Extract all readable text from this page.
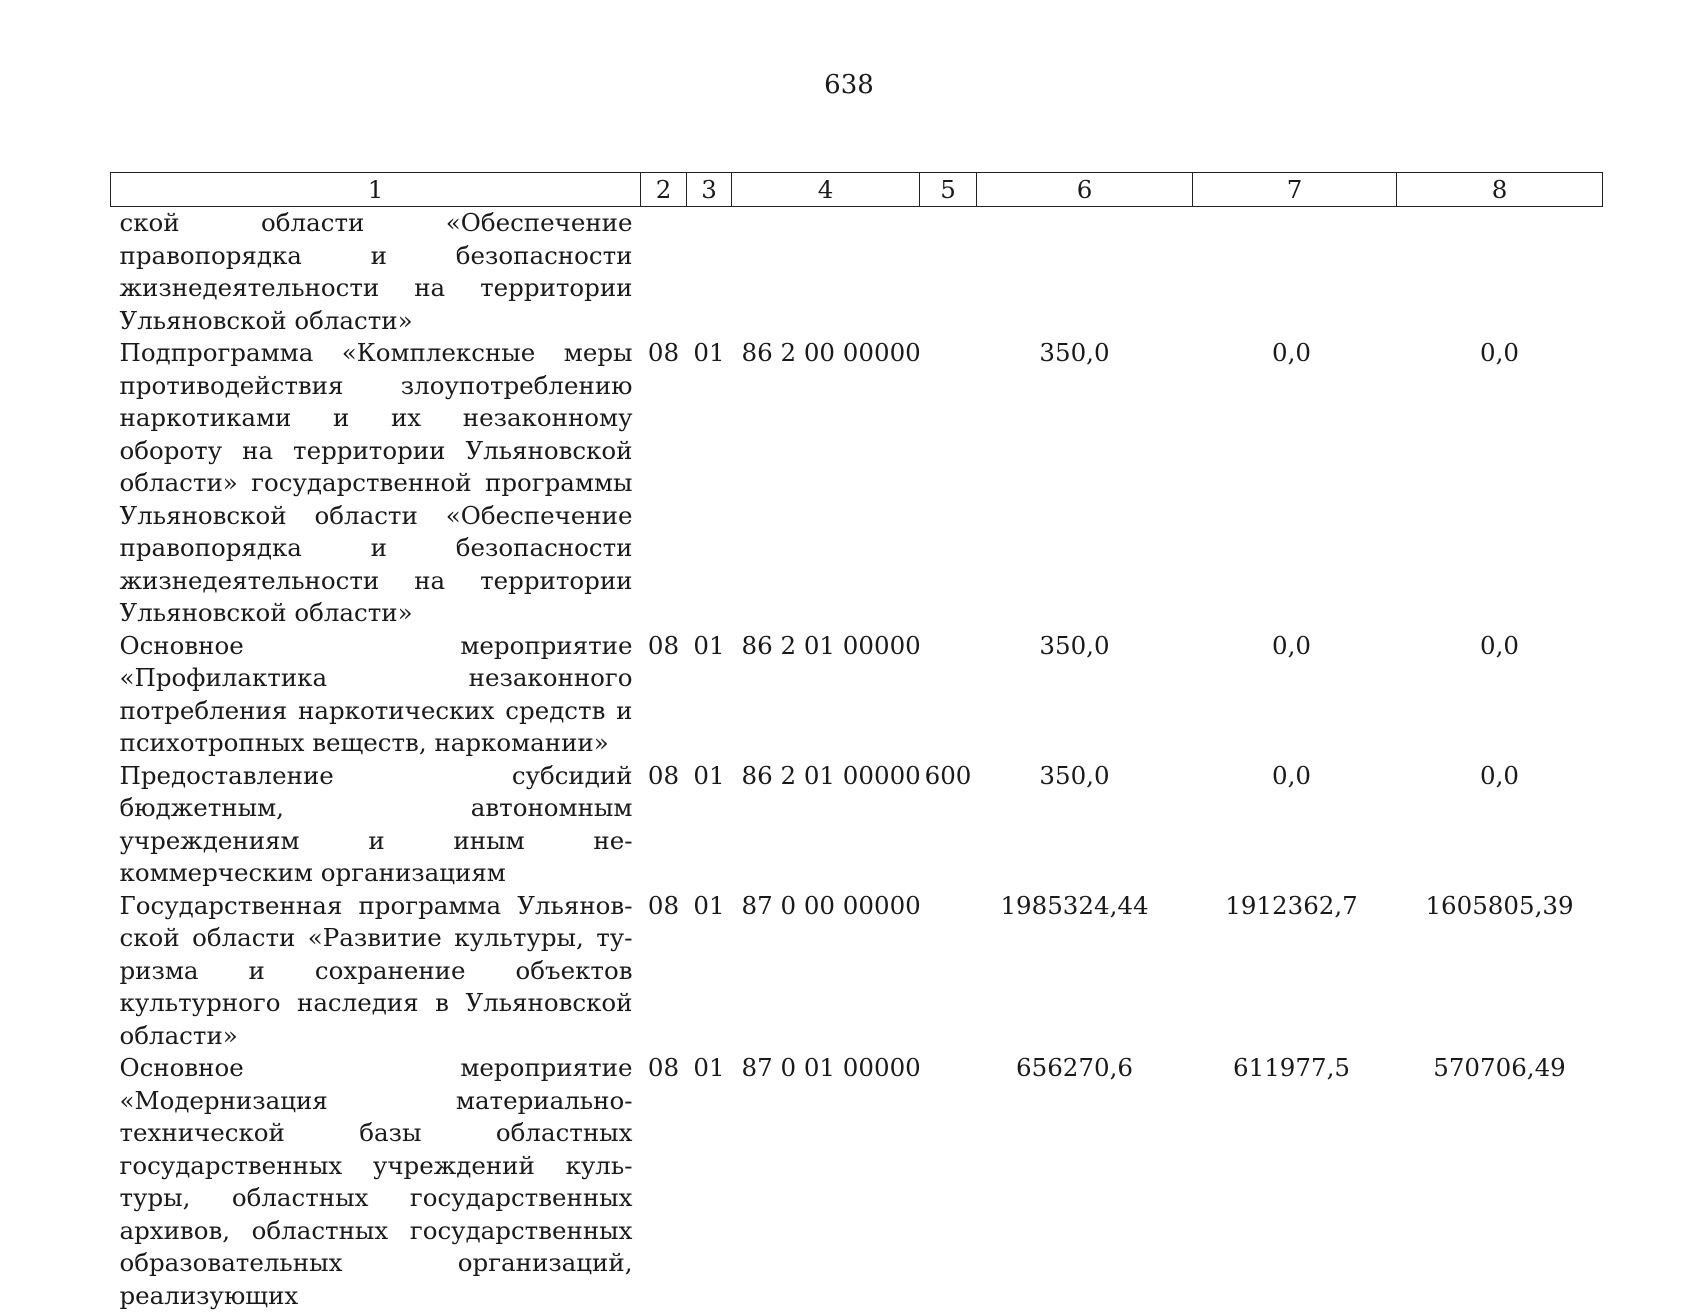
638
1	2	3	4	5	6	7	8
ской области «Обеспечение правопорядка и безопасности жизнедеятельности на территории Ульяновской области»							
Подпрограмма «Комплексные меры противодействия злоупотреблению наркотиками и их незаконному обороту на территории Ульяновской области» государственной программы Ульяновской области «Обеспечение правопорядка и безопасности жизнедеятельности на территории Ульяновской области»	08	01	86 2 00 00000		350,0	0,0	0,0
Основное мероприятие «Профилактика незаконного потребления наркотических средств и психотропных веществ, наркомании»	08	01	86 2 01 00000		350,0	0,0	0,0
Предоставление субсидий бюджетным, автономным учреждениям и иным некоммерческим организациям	08	01	86 2 01 00000	600	350,0	0,0	0,0
Государственная программа Ульяновской области «Развитие культуры, туризма и сохранение объектов культурного наследия в Ульяновской области»	08	01	87 0 00 00000		1985324,44	1912362,7	1605805,39
Основное мероприятие «Модернизация материально-технической базы областных государственных учреждений культуры, областных государственных архивов, областных государственных образовательных организаций, реализующих	08	01	87 0 01 00000		656270,6	611977,5	570706,49
